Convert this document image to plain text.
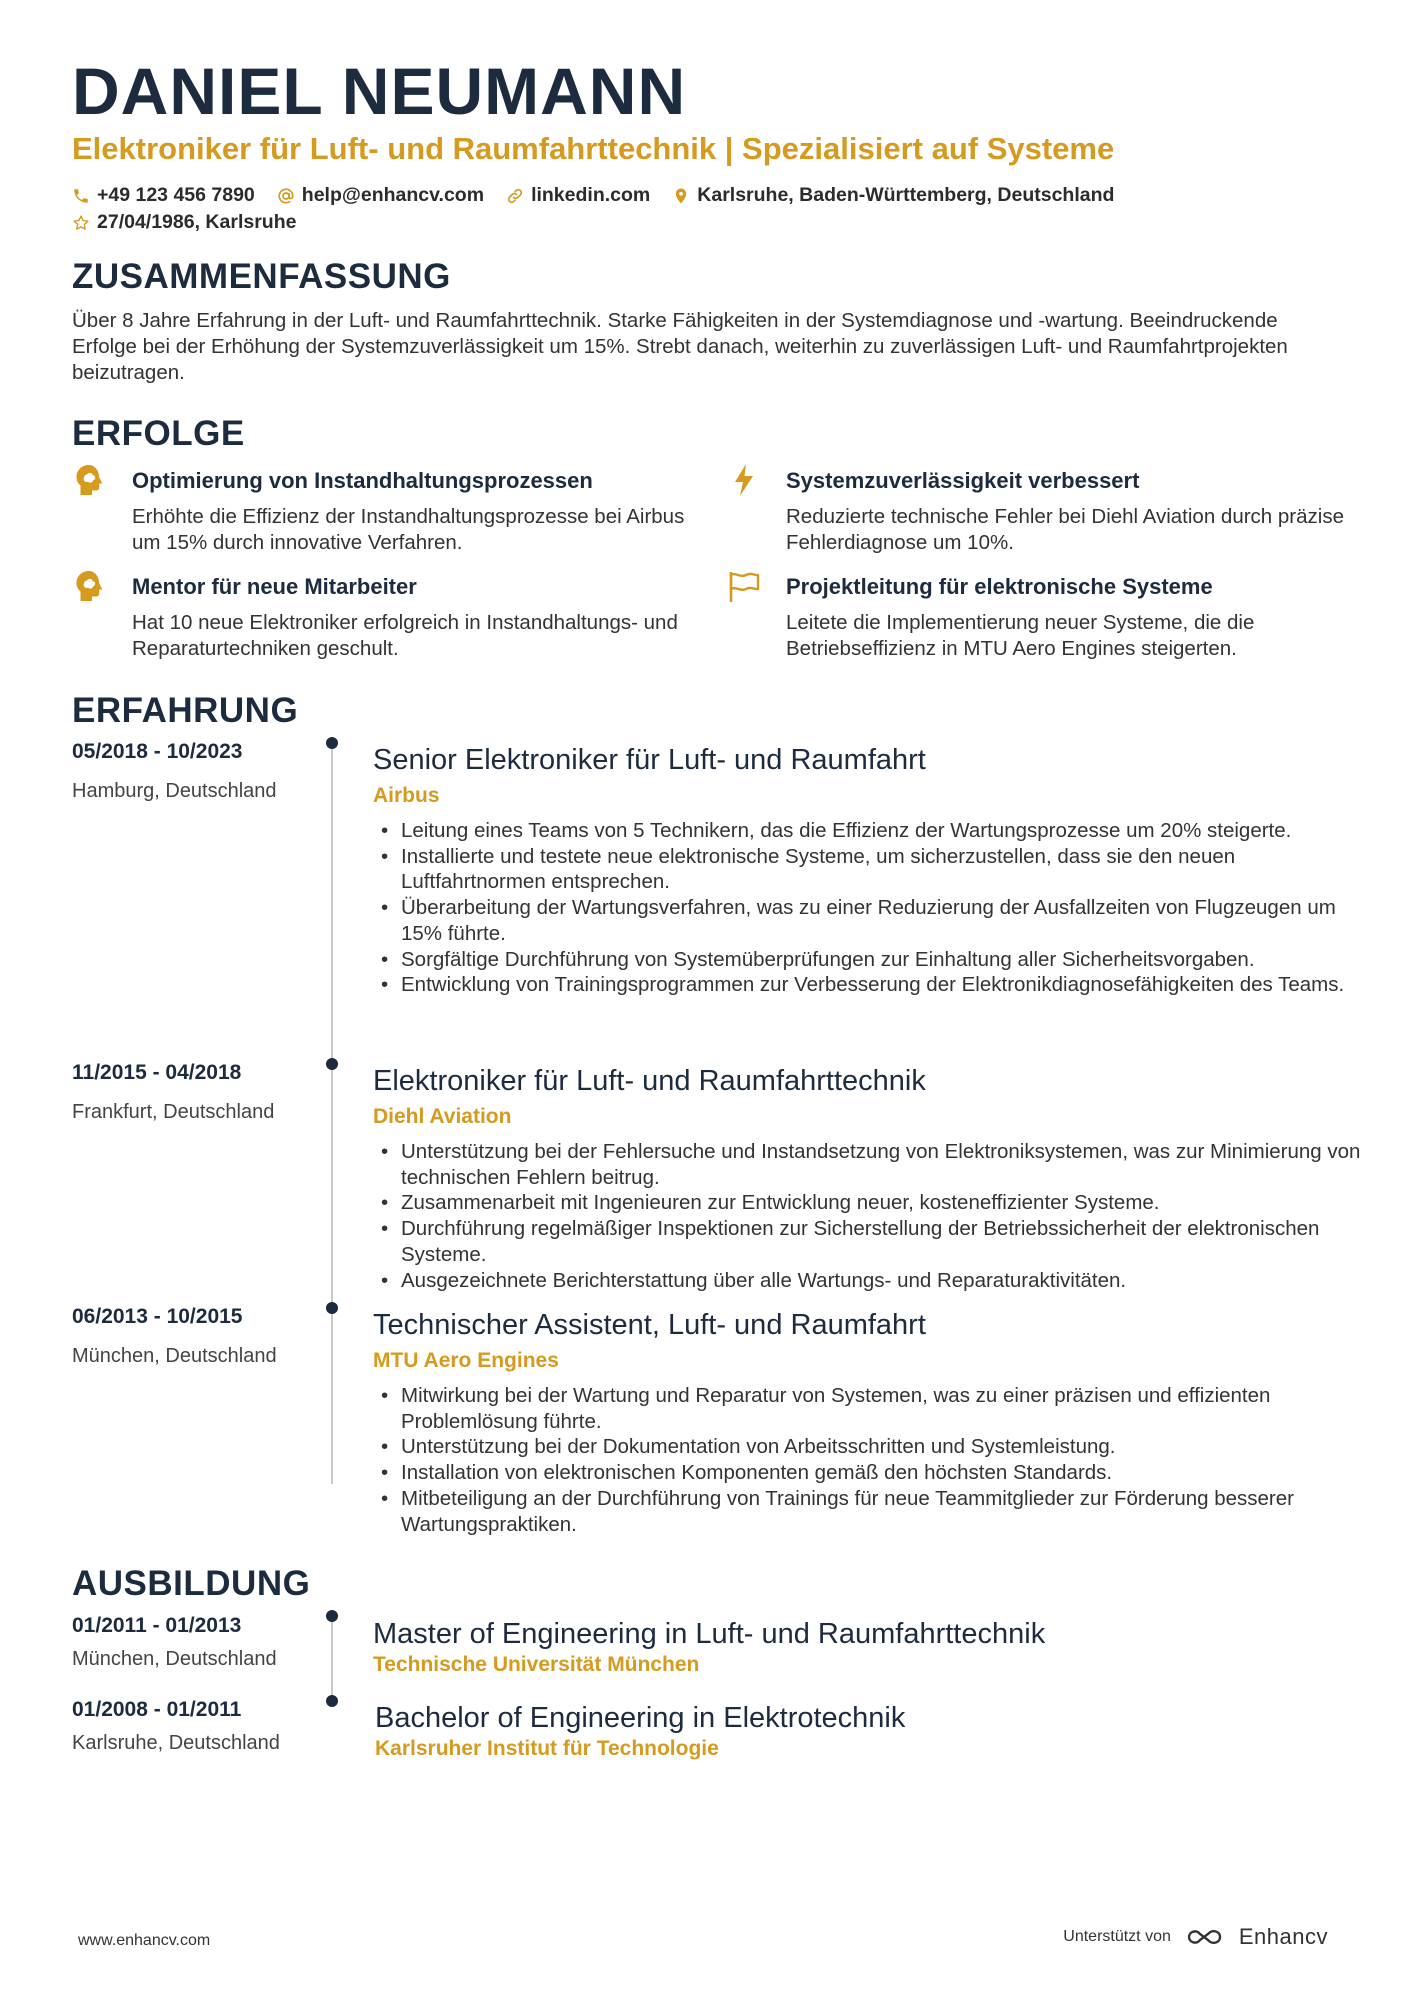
DANIEL NEUMANN
Elektroniker für Luft- und Raumfahrttechnik | Spezialisiert auf Systeme
+49 123 456 7890 help@enhancv.com linkedin.com Karlsruhe, Baden-Württemberg, Deutschland
27/04/1986, Karlsruhe
ZUSAMMENFASSUNG
Über 8 Jahre Erfahrung in der Luft- und Raumfahrttechnik. Starke Fähigkeiten in der Systemdiagnose und -wartung. Beeindruckende Erfolge bei der Erhöhung der Systemzuverlässigkeit um 15%. Strebt danach, weiterhin zu zuverlässigen Luft- und Raumfahrtprojekten beizutragen.
ERFOLGE
Optimierung von Instandhaltungsprozessen
Erhöhte die Effizienz der Instandhaltungsprozesse bei Airbus um 15% durch innovative Verfahren.
Systemzuverlässigkeit verbessert
Reduzierte technische Fehler bei Diehl Aviation durch präzise Fehlerdiagnose um 10%.
Mentor für neue Mitarbeiter
Hat 10 neue Elektroniker erfolgreich in Instandhaltungs- und Reparaturtechniken geschult.
Projektleitung für elektronische Systeme
Leitete die Implementierung neuer Systeme, die die Betriebseffizienz in MTU Aero Engines steigerten.
ERFAHRUNG
05/2018 - 10/2023
Hamburg, Deutschland
Senior Elektroniker für Luft- und Raumfahrt
Airbus
• Leitung eines Teams von 5 Technikern, das die Effizienz der Wartungsprozesse um 20% steigerte.
• Installierte und testete neue elektronische Systeme, um sicherzustellen, dass sie den neuen Luftfahrtnormen entsprechen.
• Überarbeitung der Wartungsverfahren, was zu einer Reduzierung der Ausfallzeiten von Flugzeugen um 15% führte.
• Sorgfältige Durchführung von Systemüberprüfungen zur Einhaltung aller Sicherheitsvorgaben.
• Entwicklung von Trainingsprogrammen zur Verbesserung der Elektronikdiagnosefähigkeiten des Teams.
11/2015 - 04/2018
Frankfurt, Deutschland
Elektroniker für Luft- und Raumfahrttechnik
Diehl Aviation
• Unterstützung bei der Fehlersuche und Instandsetzung von Elektroniksystemen, was zur Minimierung von technischen Fehlern beitrug.
• Zusammenarbeit mit Ingenieuren zur Entwicklung neuer, kosteneffizienter Systeme.
• Durchführung regelmäßiger Inspektionen zur Sicherstellung der Betriebssicherheit der elektronischen Systeme.
• Ausgezeichnete Berichterstattung über alle Wartungs- und Reparaturaktivitäten.
06/2013 - 10/2015
München, Deutschland
Technischer Assistent, Luft- und Raumfahrt
MTU Aero Engines
• Mitwirkung bei der Wartung und Reparatur von Systemen, was zu einer präzisen und effizienten Problemlösung führte.
• Unterstützung bei der Dokumentation von Arbeitsschritten und Systemleistung.
• Installation von elektronischen Komponenten gemäß den höchsten Standards.
• Mitbeteiligung an der Durchführung von Trainings für neue Teammitglieder zur Förderung besserer Wartungspraktiken.
AUSBILDUNG
01/2011 - 01/2013
München, Deutschland
Master of Engineering in Luft- und Raumfahrttechnik
Technische Universität München
01/2008 - 01/2011
Karlsruhe, Deutschland
Bachelor of Engineering in Elektrotechnik
Karlsruher Institut für Technologie
www.enhancv.com	Unterstützt von	Enhancv
